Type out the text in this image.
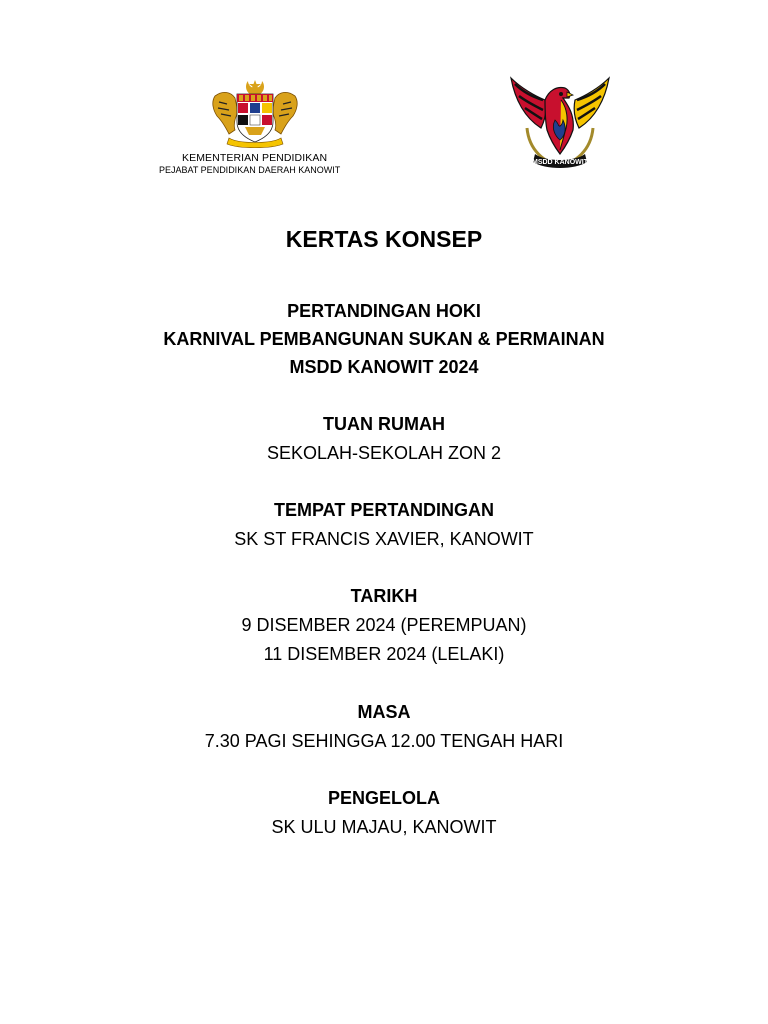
KEMENTERIAN PENDIDIKAN
PEJABAT PENDIDIKAN DAERAH KANOWIT
MSDD KANOWIT
KERTAS KONSEP
PERTANDINGAN HOKI
KARNIVAL PEMBANGUNAN SUKAN & PERMAINAN
MSDD KANOWIT 2024
TUAN RUMAH
SEKOLAH-SEKOLAH ZON 2
TEMPAT PERTANDINGAN
SK ST FRANCIS XAVIER, KANOWIT
TARIKH
9 DISEMBER 2024 (PEREMPUAN)
11 DISEMBER 2024 (LELAKI)
MASA
7.30 PAGI SEHINGGA 12.00 TENGAH HARI
PENGELOLA
SK ULU MAJAU, KANOWIT
